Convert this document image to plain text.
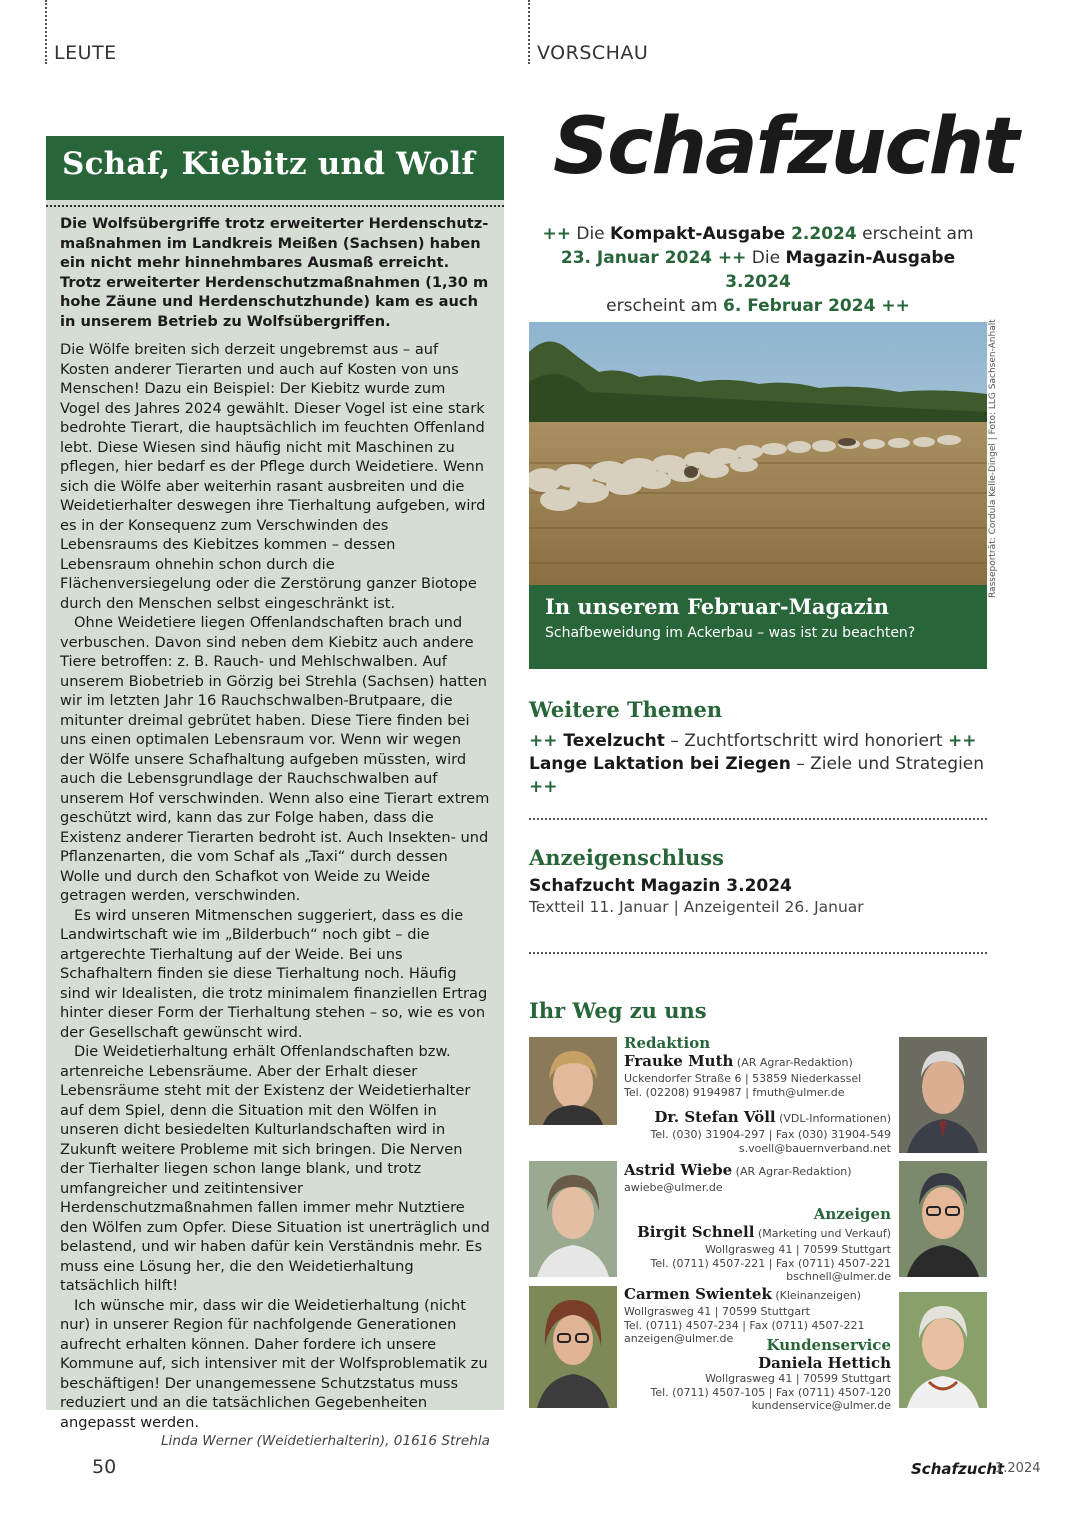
LEUTE	VORSCHAU
Schaf, Kiebitz und Wolf

Die Wolfsübergriffe trotz erweiterter Herdenschutz-maßnahmen im Landkreis Meißen (Sachsen) haben ein nicht mehr hinnehmbares Ausmaß erreicht. Trotz erweiterter Herdenschutzmaßnahmen (1,30 m hohe Zäune und Herdenschutzhunde) kam es auch in unserem Betrieb zu Wolfsübergriffen.

Die Wölfe breiten sich derzeit ungebremst aus – auf Kosten anderer Tierarten und auch auf Kosten von uns Menschen! Dazu ein Beispiel: Der Kiebitz wurde zum Vogel des Jahres 2024 gewählt. Dieser Vogel ist eine stark bedrohte Tierart, die hauptsächlich im feuchten Offenland lebt. Diese Wiesen sind häufig nicht mit Maschinen zu pflegen, hier bedarf es der Pflege durch Weidetiere. Wenn sich die Wölfe aber weiterhin rasant ausbreiten und die Weidetierhalter deswegen ihre Tierhaltung aufgeben, wird es in der Konsequenz zum Verschwinden des Lebensraums des Kiebitzes kommen – dessen Lebensraum ohnehin schon durch die Flächenversiegelung oder die Zerstörung ganzer Biotope durch den Menschen selbst eingeschränkt ist.

Ohne Weidetiere liegen Offenlandschaften brach und verbuschen. Davon sind neben dem Kiebitz auch andere Tiere betroffen: z. B. Rauch- und Mehlschwalben. Auf unserem Biobetrieb in Görzig bei Strehla (Sachsen) hatten wir im letzten Jahr 16 Rauchschwalben-Brutpaare, die mitunter dreimal gebrütet haben. Diese Tiere finden bei uns einen optimalen Lebensraum vor. Wenn wir wegen der Wölfe unsere Schafhaltung aufgeben müssten, wird auch die Lebensgrundlage der Rauchschwalben auf unserem Hof verschwinden. Wenn also eine Tierart extrem geschützt wird, kann das zur Folge haben, dass die Existenz anderer Tierarten bedroht ist. Auch Insekten- und Pflanzenarten, die vom Schaf als „Taxi“ durch dessen Wolle und durch den Schafkot von Weide zu Weide getragen werden, verschwinden.

Es wird unseren Mitmenschen suggeriert, dass es die Landwirtschaft wie im „Bilderbuch“ noch gibt – die artgerechte Tierhaltung auf der Weide. Bei uns Schafhaltern finden sie diese Tierhaltung noch. Häufig sind wir Idealisten, die trotz minimalem finanziellen Ertrag hinter dieser Form der Tierhaltung stehen – so, wie es von der Gesellschaft gewünscht wird.

Die Weidetierhaltung erhält Offenlandschaften bzw. artenreiche Lebensräume. Aber der Erhalt dieser Lebensräume steht mit der Existenz der Weidetierhalter auf dem Spiel, denn die Situation mit den Wölfen in unseren dicht besiedelten Kulturlandschaften wird in Zukunft weitere Probleme mit sich bringen. Die Nerven der Tierhalter liegen schon lange blank, und trotz umfangreicher und zeitintensiver Herdenschutzmaßnahmen fallen immer mehr Nutztiere den Wölfen zum Opfer. Diese Situation ist unerträglich und belastend, und wir haben dafür kein Verständnis mehr. Es muss eine Lösung her, die den Weidetierhaltung tatsächlich hilft!

Ich wünsche mir, dass wir die Weidetierhaltung (nicht nur) in unserer Region für nachfolgende Generationen aufrecht erhalten können. Daher fordere ich unsere Kommune auf, sich intensiver mit der Wolfsproblematik zu beschäftigen! Der unangemessene Schutzstatus muss reduziert und an die tatsächlichen Gegebenheiten angepasst werden.
Linda Werner (Weidetierhalterin), 01616 Strehla

Schafzucht
++ Die Kompakt-Ausgabe 2.2024 erscheint am
23. Januar 2024 ++ Die Magazin-Ausgabe 3.2024
erscheint am 6. Februar 2024 ++
Rasseporträt: Cordula Kelle-Dingel | Foto: LLG Sachsen-Anhalt
In unserem Februar-Magazin
Schafbeweidung im Ackerbau – was ist zu beachten?
Weitere Themen
++ Texelzucht – Zuchtfortschritt wird honoriert ++ Lange Laktation bei Ziegen – Ziele und Strategien ++
Anzeigenschluss
Schafzucht Magazin 3.2024
Textteil 11. Januar | Anzeigenteil 26. Januar
Ihr Weg zu uns
Redaktion
Frauke Muth (AR Agrar-Redaktion)
Uckendorfer Straße 6 | 53859 Niederkassel
Tel. (02208) 9194987 | fmuth@ulmer.de
Dr. Stefan Völl (VDL-Informationen)
Tel. (030) 31904-297 | Fax (030) 31904-549
s.voell@bauernverband.net
Astrid Wiebe (AR Agrar-Redaktion)
awiebe@ulmer.de
Anzeigen
Birgit Schnell (Marketing und Verkauf)
Wollgrasweg 41 | 70599 Stuttgart
Tel. (0711) 4507-221 | Fax (0711) 4507-221
bschnell@ulmer.de
Carmen Swientek (Kleinanzeigen)
Wollgrasweg 41 | 70599 Stuttgart
Tel. (0711) 4507-234 | Fax (0711) 4507-221
anzeigen@ulmer.de	Kundenservice
Daniela Hettich
Wollgrasweg 41 | 70599 Stuttgart
Tel. (0711) 4507-105 | Fax (0711) 4507-120
kundenservice@ulmer.de
50	Schafzucht
1.2024
